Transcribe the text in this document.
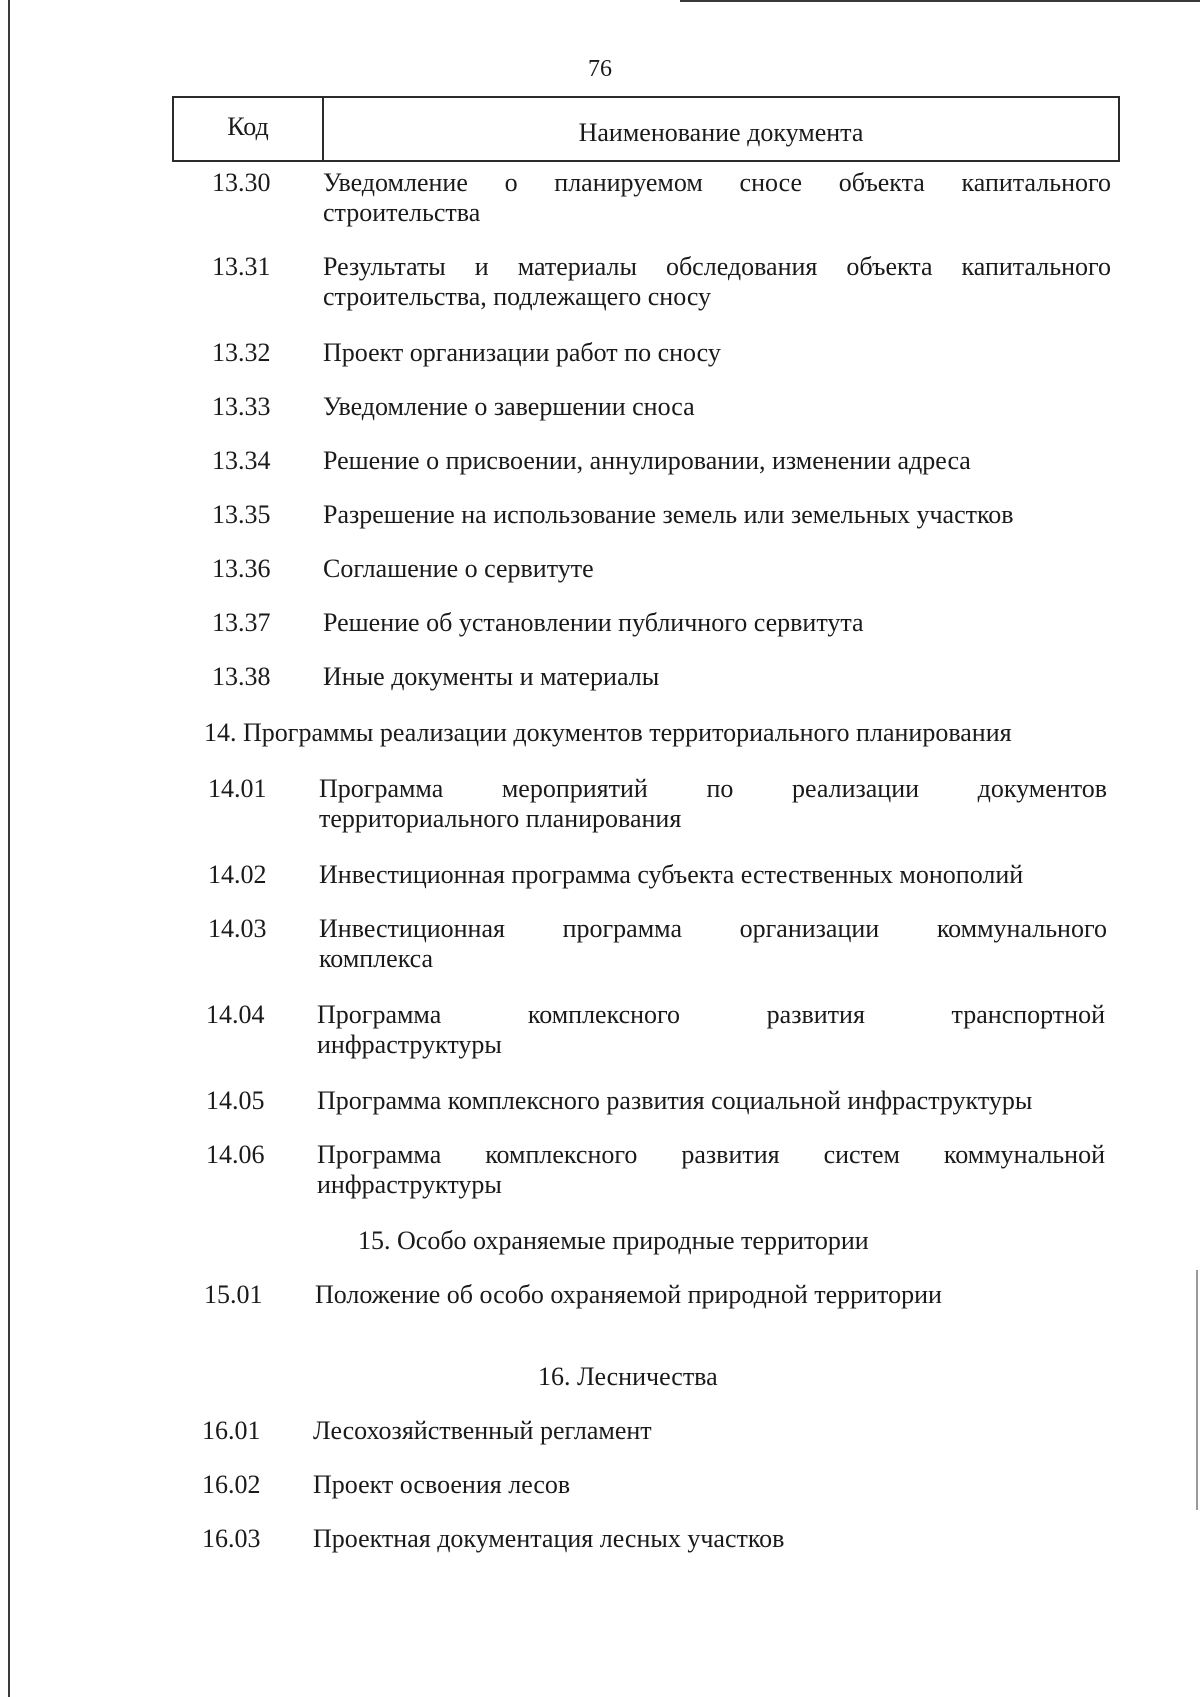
76
Код	Наименование документа
13.30 Уведомление о планируемом сносе объекта капитального
строительства
13.31 Результаты и материалы обследования объекта капитального
строительства, подлежащего сносу
13.32 Проект организации работ по сносу
13.33 Уведомление о завершении сноса
13.34 Решение о присвоении, аннулировании, изменении адреса
13.35 Разрешение на использование земель или земельных участков
13.36 Соглашение о сервитуте
13.37 Решение об установлении публичного сервитута
13.38 Иные документы и материалы
14. Программы реализации документов территориального планирования
14.01 Программа мероприятий по реализации документов
территориального планирования
14.02 Инвестиционная программа субъекта естественных монополий
14.03 Инвестиционная программа организации коммунального
комплекса
14.04 Программа комплексного развития транспортной
инфраструктуры
14.05 Программа комплексного развития социальной инфраструктуры
14.06 Программа комплексного развития систем коммунальной
инфраструктуры
15. Особо охраняемые природные территории
15.01 Положение об особо охраняемой природной территории
16. Лесничества
16.01 Лесохозяйственный регламент
16.02 Проект освоения лесов
16.03 Проектная документация лесных участков
